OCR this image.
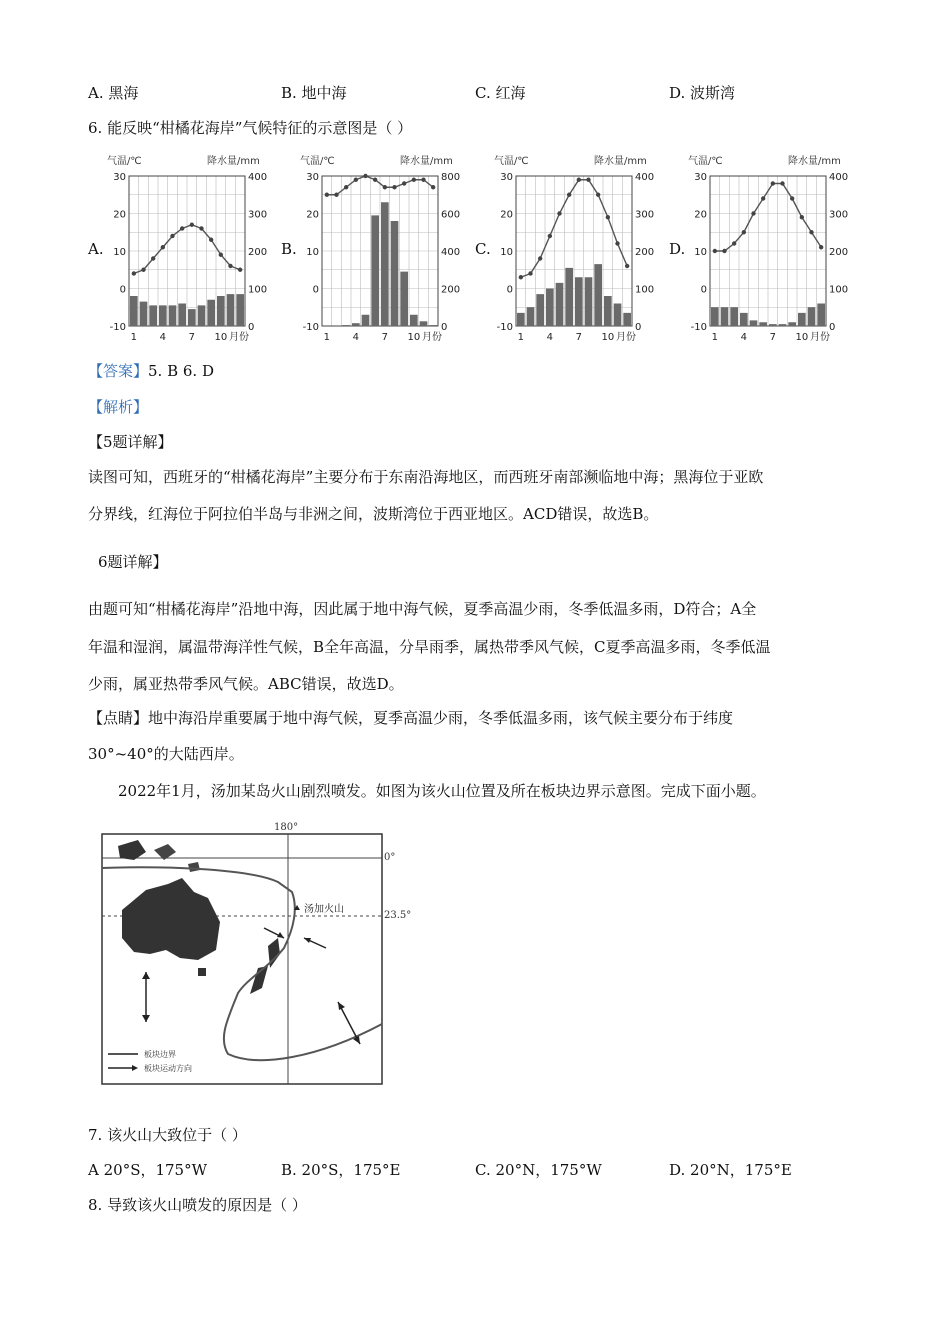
A. 黑海	B. 地中海	C. 红海	D. 波斯湾
6. 能反映“柑橘花海岸”气候特征的示意图是（ ）
A.	B.	C.	D.
气温/℃	降水量/mm
30
20
10
0
-10
400
300
200
100
0
1 4 7 10 月份
气温/℃	降水量/mm
30
20
10
0
-10
800
600
400
200
0
1 4 7 10 月份
气温/℃	降水量/mm
30
20
10
0
-10
400
300
200
100
0
1 4 7 10 月份
气温/℃	降水量/mm
30
20
10
0
-10
400
300
200
100
0
1 4 7 10 月份
【答案】5. B 6. D
【解析】
【5题详解】
读图可知，西班牙的“柑橘花海岸”主要分布于东南沿海地区，而西班牙南部濒临地中海；黑海位于亚欧
分界线，红海位于阿拉伯半岛与非洲之间，波斯湾位于西亚地区。ACD错误，故选B。
6题详解】
由题可知“柑橘花海岸”沿地中海，因此属于地中海气候，夏季高温少雨，冬季低温多雨，D符合；A全
年温和湿润，属温带海洋性气候，B全年高温，分旱雨季，属热带季风气候，C夏季高温多雨，冬季低温
少雨，属亚热带季风气候。ABC错误，故选D。
【点睛】地中海沿岸重要属于地中海气候，夏季高温少雨，冬季低温多雨，该气候主要分布于纬度
30°~40°的大陆西岸。
2022年1月，汤加某岛火山剧烈喷发。如图为该火山位置及所在板块边界示意图。完成下面小题。
180°
0°
23.5°
汤加火山
板块边界
板块运动方向
7. 该火山大致位于（ ）
A 20°S，175°W	B. 20°S，175°E	C. 20°N，175°W	D. 20°N，175°E
8. 导致该火山喷发的原因是（ ）
